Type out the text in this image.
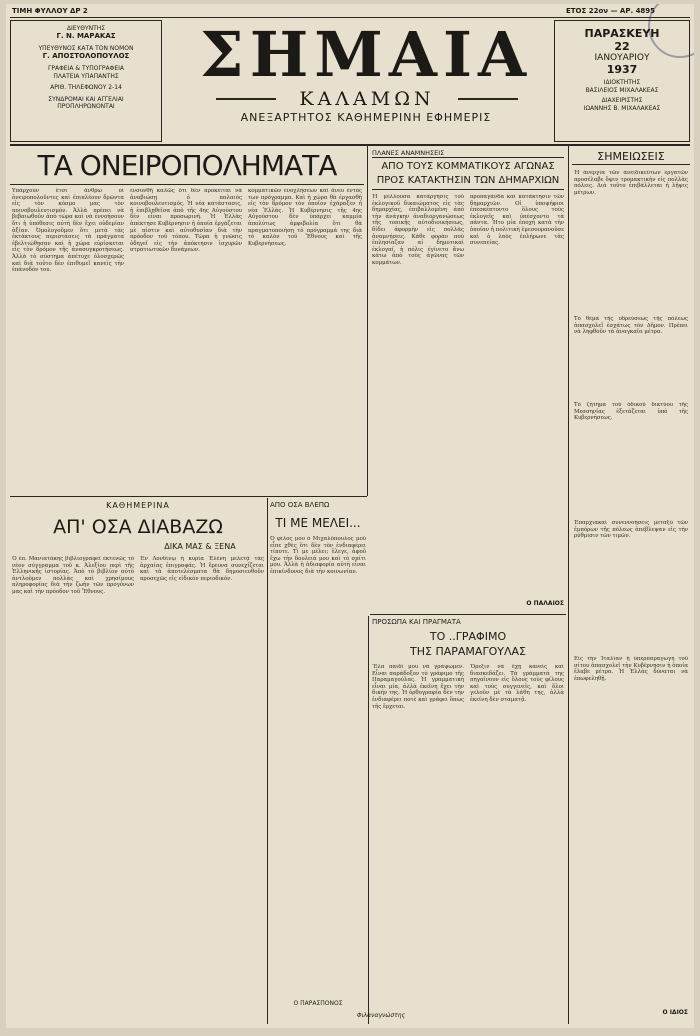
ΤΙΜΗ ΦΥΛΛΟΥ ΔΡ 2	ΕΤΟΣ 22ον — ΑΡ. 4895
ΔΙΕΥΘΥΝΤΗΣ
Γ. Ν. ΜΑΡΑΚΑΣ
ΥΠΕΥΘΥΝΟΣ ΚΑΤΑ ΤΟΝ ΝΟΜΟΝ
Γ. ΑΠΟΣΤΟΛΟΠΟΥΛΟΣ
ΓΡΑΦΕΙΑ & ΤΥΠΟΓΡΑΦΕΙΑ
ΠΛΑΤΕΙΑ ΥΠΑΠΑΝΤΗΣ
ΑΡΙΘ. ΤΗΛΕΦΩΝΟΥ 2-14
ΣΥΝΔΡΟΜΑΙ ΚΑΙ ΑΓΓΕΛΙΑΙ ΠΡΟΠΛΗΡΩΝΟΝΤΑΙ
ΣΗΜΑΙΑ
ΚΑΛΑΜΩΝ
ΑΝΕΞΑΡΤΗΤΟΣ ΚΑΘΗΜΕΡΙΝΗ ΕΦΗΜΕΡΙΣ
ΠΑΡΑΣΚΕΥΗ
22
ΙΑΝΟΥΑΡΙΟΥ
1937
ΙΔΙΟΚΤΗΤΗΣ
ΒΑΣΙΛΕΙΟΣ ΜΙΧΑΛΑΚΕΑΣ
ΔΙΑΧΕΙΡΙΣΤΗΣ
ΙΩΑΝΝΗΣ Β. ΜΙΧΑΛΑΚΕΑΣ
ΤΑ ΟΝΕΙΡΟΠΟΛΗΜΑΤΑ
Υπάρχουν ἔτσι ἄνθρω οἱ ὀνειροπολοῦντες καὶ ἐπιπλέουν δρῶντα εἰς τὸν κόσμο μας τὸν ποινοβουλευτισμόν. Ἀλλὰ πρέπει νὰ βεβαιωθοῦν ἀπὸ τώρα καὶ νὰ ἐννοήσουν ὅτι ἡ ὑπόθεσις αὐτὴ δὲν ἔχει οὐδεμίαν ἀξίαν. Ὁμολογοῦμεν ὅτι μετὰ τὰς ἑκτάκτους περιστάσεις τὰ πράγματα ἐβελτιώθησαν καὶ ἡ χώρα εὑρίσκεται εἰς τὸν δρόμον τῆς ἀνασυγκροτήσεως. Ἀλλὰ τὸ σύστημα ἀπέτυχε ὁλοσχερῶς καὶ διὰ τοῦτο δὲν ἐπιθυμεῖ κανεὶς τὴν ἐπάνοδόν του.
ἐνσυνθῆ καλῶς ὅτι δὲν προκειται νὰ ἀναβιώσῃ ὁ παλαιὸς κοινοβουλευτισμός. Ἡ νέα κατάστασις, ἡ ἐπιβληθεῖσα ἀπὸ τῆς 4ης Αὐγούστου δὲν εἶναι προσωρινή. Ἡ Ἑλλὰς ἀπέκτησε Κυβέρνησιν ἡ ὁποία ἐργάζεται μὲ πίστιν καὶ αὐτοθυσίαν διὰ τὴν πρόοδον τοῦ τόπου. Τώρα ἡ γνῶσις ὁδηγεῖ εἰς τὴν ἀπόκτησιν ἰσχυρῶν στρατιωτικῶν δυνάμεων.
κομματικῶν ἐνοχλήσεων καὶ ἄνευ ἐντός των πρόγραμμα. Καὶ ἡ χώρα θὰ ἐργασθῆ εἰς τὸν δρόμον τὸν ὁποῖον ἐχάραξεν ἡ νέα Ἑλλὰς. Ἡ Κυβέρνησις τῆς 4ης Αὐγούστου δὲν ὑπάρχει καμμία ἀπολύτως ἀμφιβολία ὅτι θὰ πραγματοποιήσῃ τὸ πρόγραμμά της διὰ τὸ καλὸν τοῦ Ἔθνους καὶ τῆς Κυβερνήσεως.
ΠΛΑΝΕΣ ΑΝΑΜΝΗΣΕΙΣ
ΑΠΟ ΤΟΥΣ ΚΟΜΜΑΤΙΚΟΥΣ ΑΓΩΝΑΣ
ΠΡΟΣ ΚΑΤΑΚΤΗΣΙΝ ΤΩΝ ΔΗΜΑΡΧΙΩΝ
Ἡ μέλλουσα κατάργησις τοῦ ἐκλογικοῦ δικαιώματος εἰς τὰς δημαρχίας, ἐπιβαλλομένη ἀπὸ τὴν ἀνάγκην ἀναδιοργανώσεως τῆς τοπικῆς αὐτοδιοικήσεως, δίδει ἀφορμὴν εἰς πολλὰς ἀναμνήσεις. Κάθε φορὰν ποὺ ἐπλησίαζαν αἱ δημοτικαὶ ἐκλογαί, ἡ πόλις ἐγίνετο ἄνω κάτω ἀπὸ τοὺς ἀγῶνας τῶν κομμάτων.
προπαγάνδα καὶ κατάκτησιν τῶν δημαρχιῶν. Οἱ ὑποψήφιοι ἐπεσκέπτοντο ὅλους τοὺς ἐκλογεῖς καὶ ὑπέσχοντο τὰ πάντα. Ἦτο μία ἐποχὴ κατὰ τὴν ὁποίαν ἡ πολιτικὴ ἐμεσουρανοῦσε καὶ ὁ λαὸς ἐπλήρωνε τὰς συνεπείας.
Ο ΠΑΛΑΙΟΣ
ΣΗΜΕΙΩΣΕΙΣ
Ἠ ἀνεργία τῶν ἀνειδικεύτων ἐργατῶν προσέλαβε ὄψιν τρομακτικὴν εἰς πολλὰς πόλεις. Διὰ τοῦτο ἐπιβάλλεται ἡ λῆψις μέτρων.
Τὸ θέμα τῆς ὑδρεύσεως τῆς πόλεως ἀπασχολεῖ ἐσχάτως τὸν Δῆμον. Πρέπει νὰ ληφθοῦν τὰ ἀναγκαῖα μέτρα.
Τὸ ζήτημα τοῦ ὁδικοῦ δικτύου τῆς Μεσσηνίας ἐξετάζεται ὑπὸ τῆς Κυβερνήσεως.
Ἐπαρχιακαὶ συνεννοήσεις μεταξὺ τῶν ἐμπόρων τῆς πόλεως ἀπέβλεψαν εἰς τὴν ρύθμισιν τῶν τιμῶν.
Εἰς τὴν Ἰταλίαν ἡ ὑπερπαραγωγὴ τοῦ σίτου ἀπασχολεῖ τὴν Κυβέρνησιν ἡ ὁποία ἔλαβε μέτρα. Ἡ Ἑλλὰς δύναται νὰ ἐπωφεληθῇ.
Ο ΙΔΙΟΣ
ΚΑΘΗΜΕΡΙΝΑ
ΑΠ' ΟΣΑ ΔΙΑΒΑΖΩ
ΔΙΚΑ ΜΑΣ & ΞΕΝΑ
Ὁ ἐπ. Μανιατάκης βιβλιογραφεῖ ἐκτενῶς τὸ νέον σύγγραμμα τοῦ κ. Ἀλεξίου περὶ τῆς Ἑλληνικῆς ἱστορίας. Ἀπὸ τὸ βιβλίον αὐτὸ ἀντλοῦμεν πολλὰς καὶ χρησίμους πληροφορίας διὰ τὴν ζωὴν τῶν προγόνων μας καὶ τὴν πρόοδον τοῦ Ἔθνους.
Ἐν Λονδίνῳ ἡ κυρία Ἑλένη μελετᾷ τὰς ἀρχαίας ἐπιγραφάς. Ἡ ἔρευνα συνεχίζεται καὶ τὰ ἀποτελέσματα θὰ δημοσιευθοῦν προσεχῶς εἰς εἰδικὸν περιοδικόν.
ΑΠΟ ΟΣΑ ΒΛΕΠΩ
ΤΙ ΜΕ ΜΕΛΕΙ...
Ὁ φίλος μου ὁ Μιχαλόπουλος μοῦ εἶπε χθὲς ὅτι δὲν τὸν ἐνδιαφέρει τίποτε. Τὶ με μέλει; ἔλεγε, ἀφοῦ ἔχω τὴν δουλειά μου καὶ τὸ σπίτι μου. Ἀλλὰ ἡ ἀδιαφορία αὐτὴ εἶναι ἐπικίνδυνος διὰ τὴν κοινωνίαν.
Ο ΠΑΡΑΣΠΟΝΟΣ
ΠΡΟΣΩΠΑ ΚΑΙ ΠΡΑΓΜΑΤΑ
ΤΟ ..ΓΡΑΦΙΜΟ
ΤΗΣ ΠΑΡΑΜΑΓΟΥΛΑΣ
Ἔλα παιδί μου νὰ γράψωμεν. Εἶναι παράδοξον τὸ γράφιμο τῆς Παραμαγούλας. Ἡ γραμματικὴ εἶναι μία, ἀλλὰ ἐκεῖνη ἔχει τὴν δικήν της. Ἡ ὀρθογραφία δὲν τὴν ἐνδιαφέρει ποτὲ καὶ γράφει ὅπως τῆς ἔρχεται.
Ὅρεξιν νὰ ἔχῃ κανεὶς καὶ διασκεδάζει. Τὰ γράμματά της πηγαίνουν εἰς ὅλους τοὺς φίλους καὶ τοὺς συγγενεῖς, καὶ ὅλοι γελοῦν μὲ τὰ λάθη της, ἀλλὰ ἐκείνη δὲν σταματᾷ.
Φιλαναγνώστης
